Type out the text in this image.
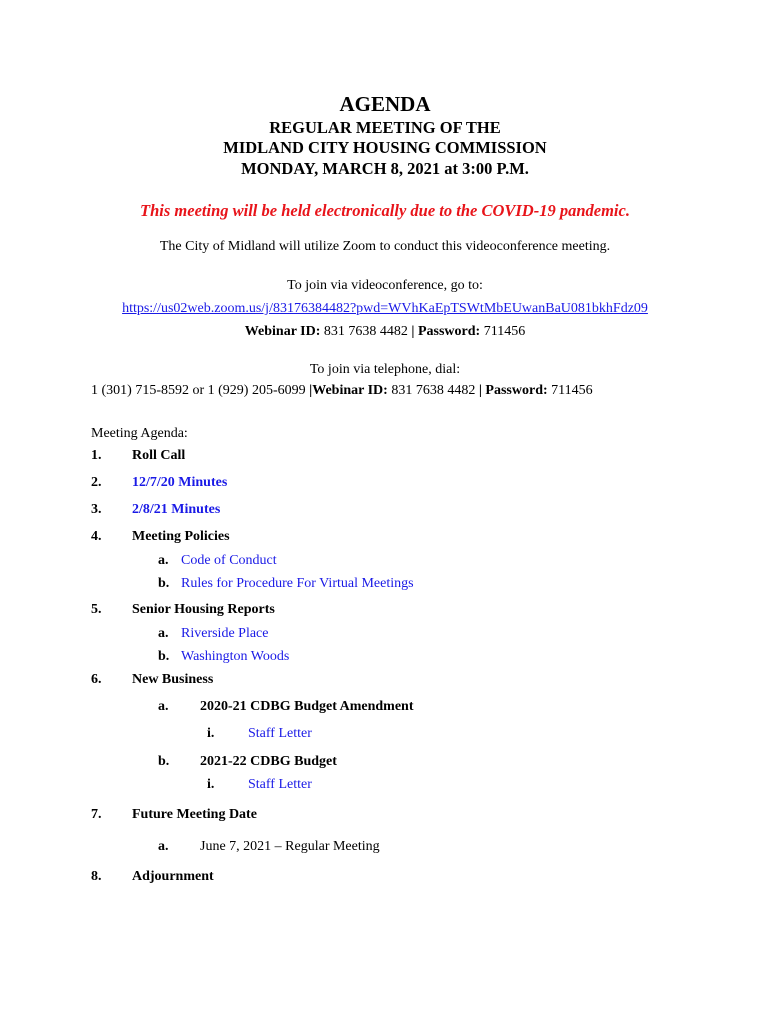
AGENDA
REGULAR MEETING OF THE
MIDLAND CITY HOUSING COMMISSION
MONDAY, MARCH 8, 2021 at 3:00 P.M.
This meeting will be held electronically due to the COVID-19 pandemic.
The City of Midland will utilize Zoom to conduct this videoconference meeting.
To join via videoconference, go to:
https://us02web.zoom.us/j/83176384482?pwd=WVhKaEpTSWtMbEUwanBaU081bkhFdz09
Webinar ID: 831 7638 4482 | Password: 711456
To join via telephone, dial:
1 (301) 715-8592 or 1 (929) 205-6099 |Webinar ID: 831 7638 4482 | Password: 711456
Meeting Agenda:
1. Roll Call
2. 12/7/20 Minutes
3. 2/8/21 Minutes
4. Meeting Policies
a. Code of Conduct
b. Rules for Procedure For Virtual Meetings
5. Senior Housing Reports
a. Riverside Place
b. Washington Woods
6. New Business
a. 2020-21 CDBG Budget Amendment
i. Staff Letter
b. 2021-22 CDBG Budget
i. Staff Letter
7. Future Meeting Date
a. June 7, 2021 – Regular Meeting
8. Adjournment
